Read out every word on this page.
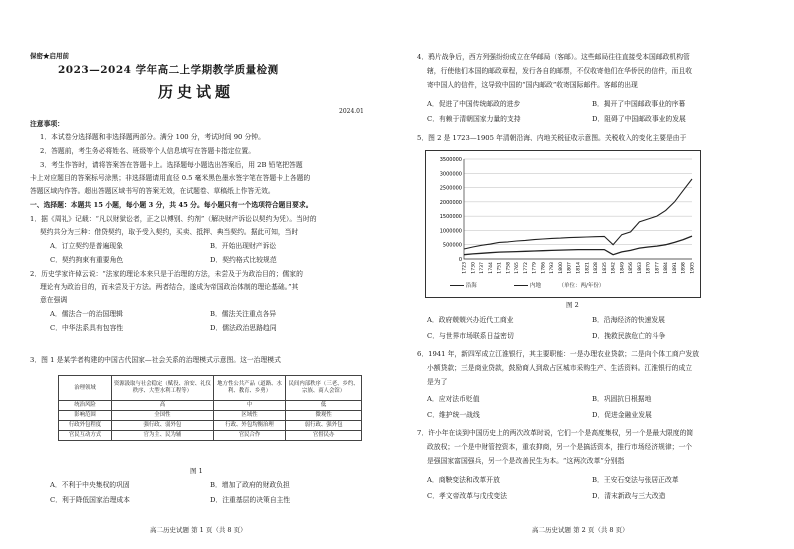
保密★启用前
2023—2024 学年高二上学期教学质量检测
历史试题
2024.01
注意事项：
1．本试卷分选择题和非选择题两部分。满分 100 分，考试时间 90 分钟。
2．答题前，考生务必将姓名、班级等个人信息填写在答题卡指定位置。
3．考生作答时，请将答案答在答题卡上。选择题每小题选出答案后，用 2B 铅笔把答题
卡上对应题目的答案标号涂黑；非选择题请用直径 0.5 毫米黑色墨水签字笔在答题卡上各题的
答题区域内作答。超出答题区域书写的答案无效，在试题卷、草稿纸上作答无效。
一、选择题：本题共 15 小题，每小题 3 分，共 45 分。每小题只有一个选项符合题目要求。
1．据《周礼》记载：“凡以财狱讼者，正之以傅别、约剂”（解决财产诉讼以契约为凭）。当时的
契约共分为三种：借贷契约，取予受入契约，买卖、抵押、典当契约。据此可知，当时
A．订立契约是普遍现象	B．开始出现财产诉讼
C．契约拘束有重要角色	D．契约格式比较规范
2．历史学家许倬云说：“法家的理论本来只是于治理的方法，未尝及于为政治目的；儒家的
理论有为政治目的，而未尝及于方法。两者结合，遂成为帝国政治体制的理论基础。”其
意在强调
A．儒法合一的治国理辑	B．儒法关注重点各异
C．中华法系具有包容性	D．儒法政治思路趋同
3．图 1 是某学者构建的中国古代国家—社会关系的治理模式示意图。这一治理模式
治理领域	资源汲取与社会稳定（赋役、治安、礼仪秩序、大型水利工程等）	地方性公共产品（道路、水利、教育、乡勇）	民间内部秩序（三老、乡约、宗族、商人会馆）
统治风险	高	中	低
影响范围	全国性	区域性	微观性
行政外包程度	强行政、弱外包	行政、外包均衡治理	弱行政、强外包
官民互动方式	官为主、民为辅	官民合作	官督民办
图 1
A．不利于中央集权的巩固	B．增加了政府的财政负担
C．利于降低国家治理成本	D．注重基层的决策自主性
高二历史试题 第 1 页（共 8 页）
4．鸦片战争后，西方列强纷纷成立在华邮局（客邮）。这些邮局往往直接受本国邮政机构管
辖，行使他们本国的邮政章程，发行各自的邮票，不仅收寄他们在华侨民的信件，而且收
寄中国人的信件，这导致中国的“国内邮政”收寄国际邮件。客邮的出现
A．促进了中国传统邮政的进步	B．揭开了中国邮政事业的序幕
C．有赖于清朝国家力量的支持	D．阻碍了中国邮政事业的发展
5．图 2 是 1723—1905 年清朝沿海、内地关税征收示意图。关税收入的变化主要是由于
3500000
3000000
2500000
2000000
1500000
1000000
500000
0
1723 1730 1737 1744 1751 1758 1765 1772 1779 1786 1793 1800 1807 1814 1821 1828 1835 1842 1849 1856 1863 1870 1877 1884 1891 1898 1905
沿海	内地	（单位：两/年份）
图 2
A．政府兢兢兴办近代工商业	B．沿海经济的快速发展
C．与世界市场联系日益密切	D．挽救民族危亡的斗争
6．1941 年，新四军成立江淮银行，其主要职能：一是办理农业贷款；二是向个体工商户发放
小额贷款；三是商业贷款，鼓励商人到敌占区城市采购生产、生活资料。江淮银行的成立
是为了
A．应对法币贬值	B．巩固抗日根据地
C．维护统一战线	D．促进金融业发展
7．许小年在谈到中国历史上的两次改革时说，它们一个是高度集权，另一个是最大限度的简
政放权；一个是中财管控资本，重农抑商，另一个是搞活资本，推行市场经济规律；一个
是强国家富国强兵，另一个是改善民生为本。“这两次改革”分别指
A．商鞅变法和改革开放	B．王安石变法与张居正改革
C．孝文帝改革与戊戌变法	D．清末新政与三大改造
高二历史试题 第 2 页（共 8 页）
